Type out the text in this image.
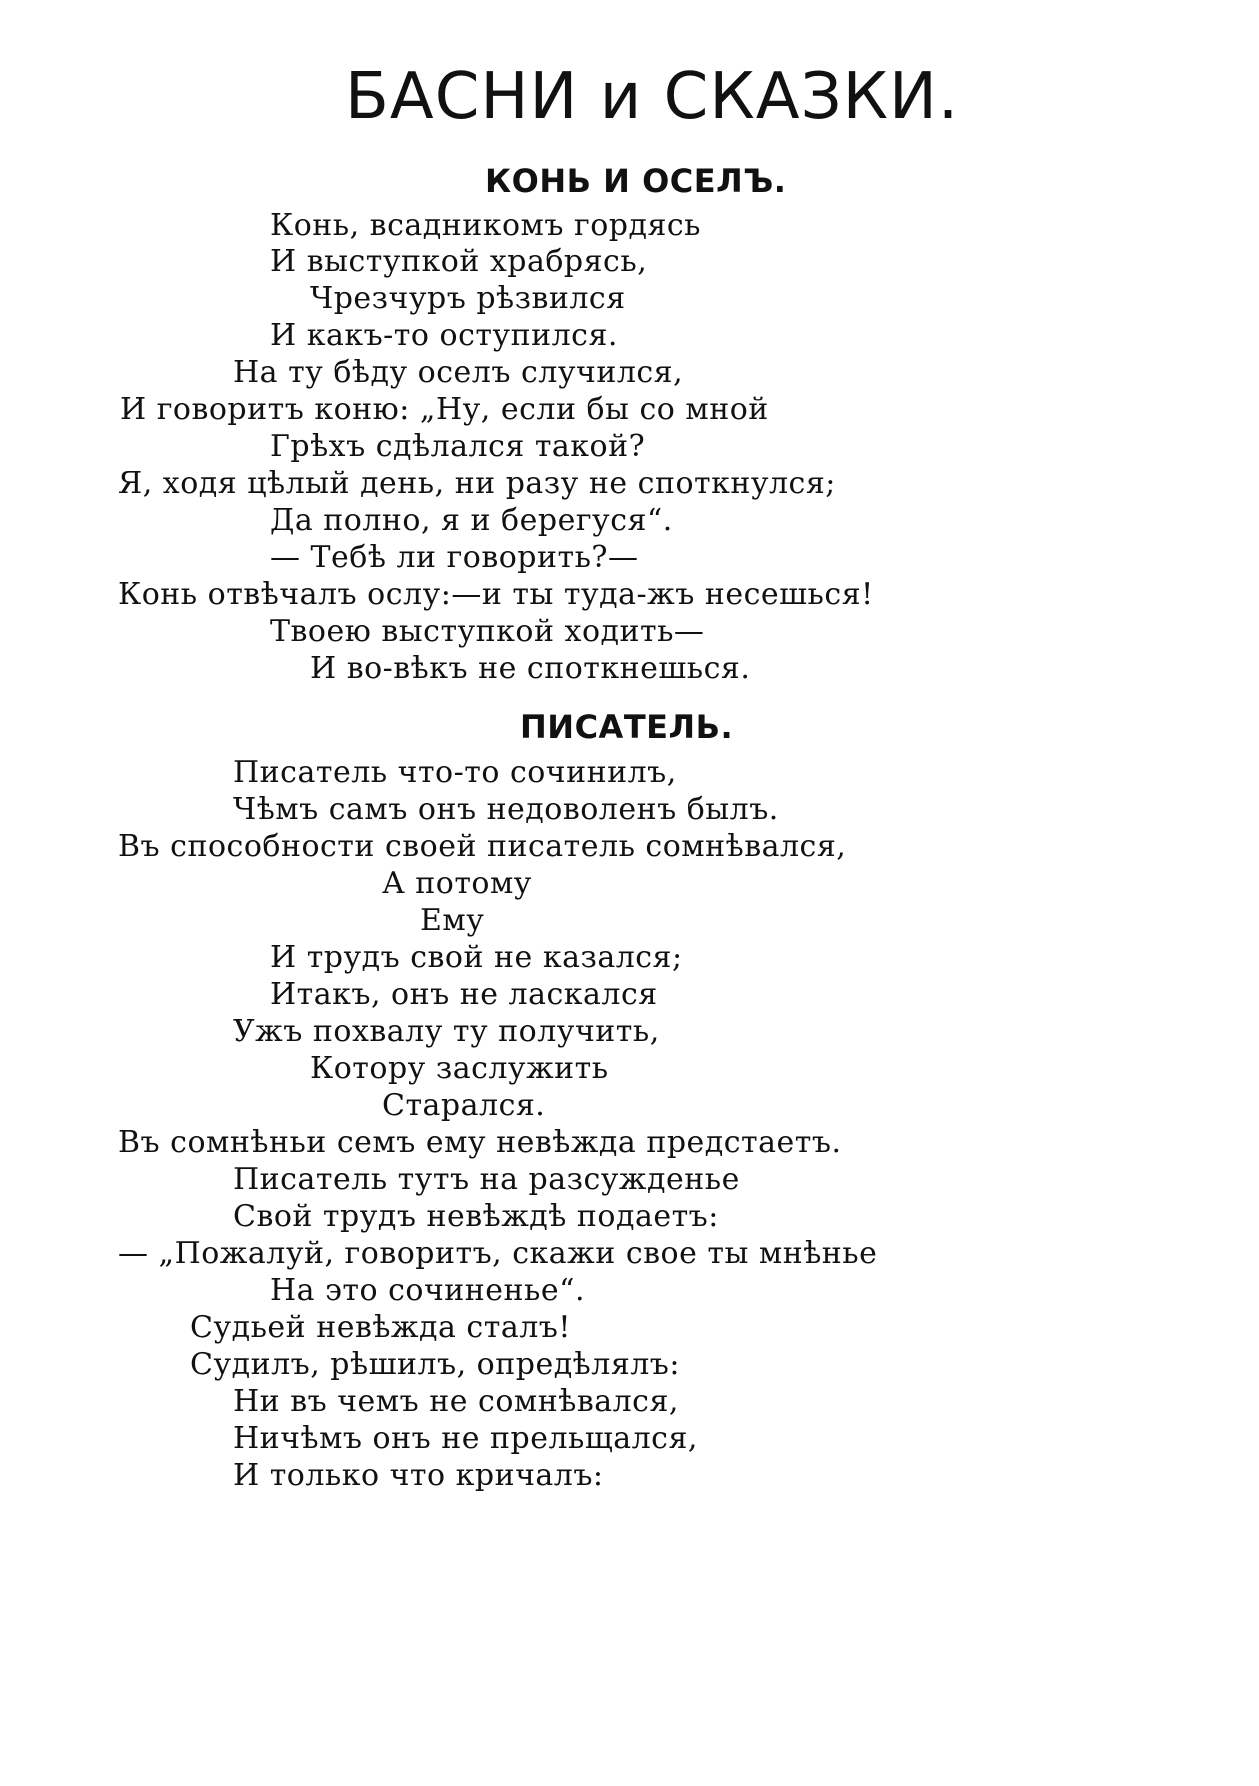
БАСНИ и СКАЗКИ.
КОНЬ И ОСЕЛЪ.
Конь, всадникомъ гордясь
И выступкой храбрясь,
Чрезчуръ рѣзвился
И какъ-то оступился.
На ту бѣду оселъ случился,
И говоритъ коню: „Ну, если бы со мной
Грѣхъ сдѣлался такой?
Я, ходя цѣлый день, ни разу не споткнулся;
Да полно, я и берегуся“.
— Тебѣ ли говорить?—
Конь отвѣчалъ ослу:—и ты туда-жъ несешься!
Твоею выступкой ходить—
И во-вѣкъ не споткнешься.
ПИСАТЕЛЬ.
Писатель что-то сочинилъ,
Чѣмъ самъ онъ недоволенъ былъ.
Въ способности своей писатель сомнѣвался,
А потому
Ему
И трудъ свой не казался;
Итакъ, онъ не ласкался
Ужъ похвалу ту получить,
Котору заслужить
Старался.
Въ сомнѣньи семъ ему невѣжда предстаетъ.
Писатель тутъ на разсужденье
Свой трудъ невѣждѣ подаетъ:
— „Пожалуй, говоритъ, скажи свое ты мнѣнье
На это сочиненье“.
Судьей невѣжда сталъ!
Судилъ, рѣшилъ, опредѣлялъ:
Ни въ чемъ не сомнѣвался,
Ничѣмъ онъ не прельщался,
И только что кричалъ:
